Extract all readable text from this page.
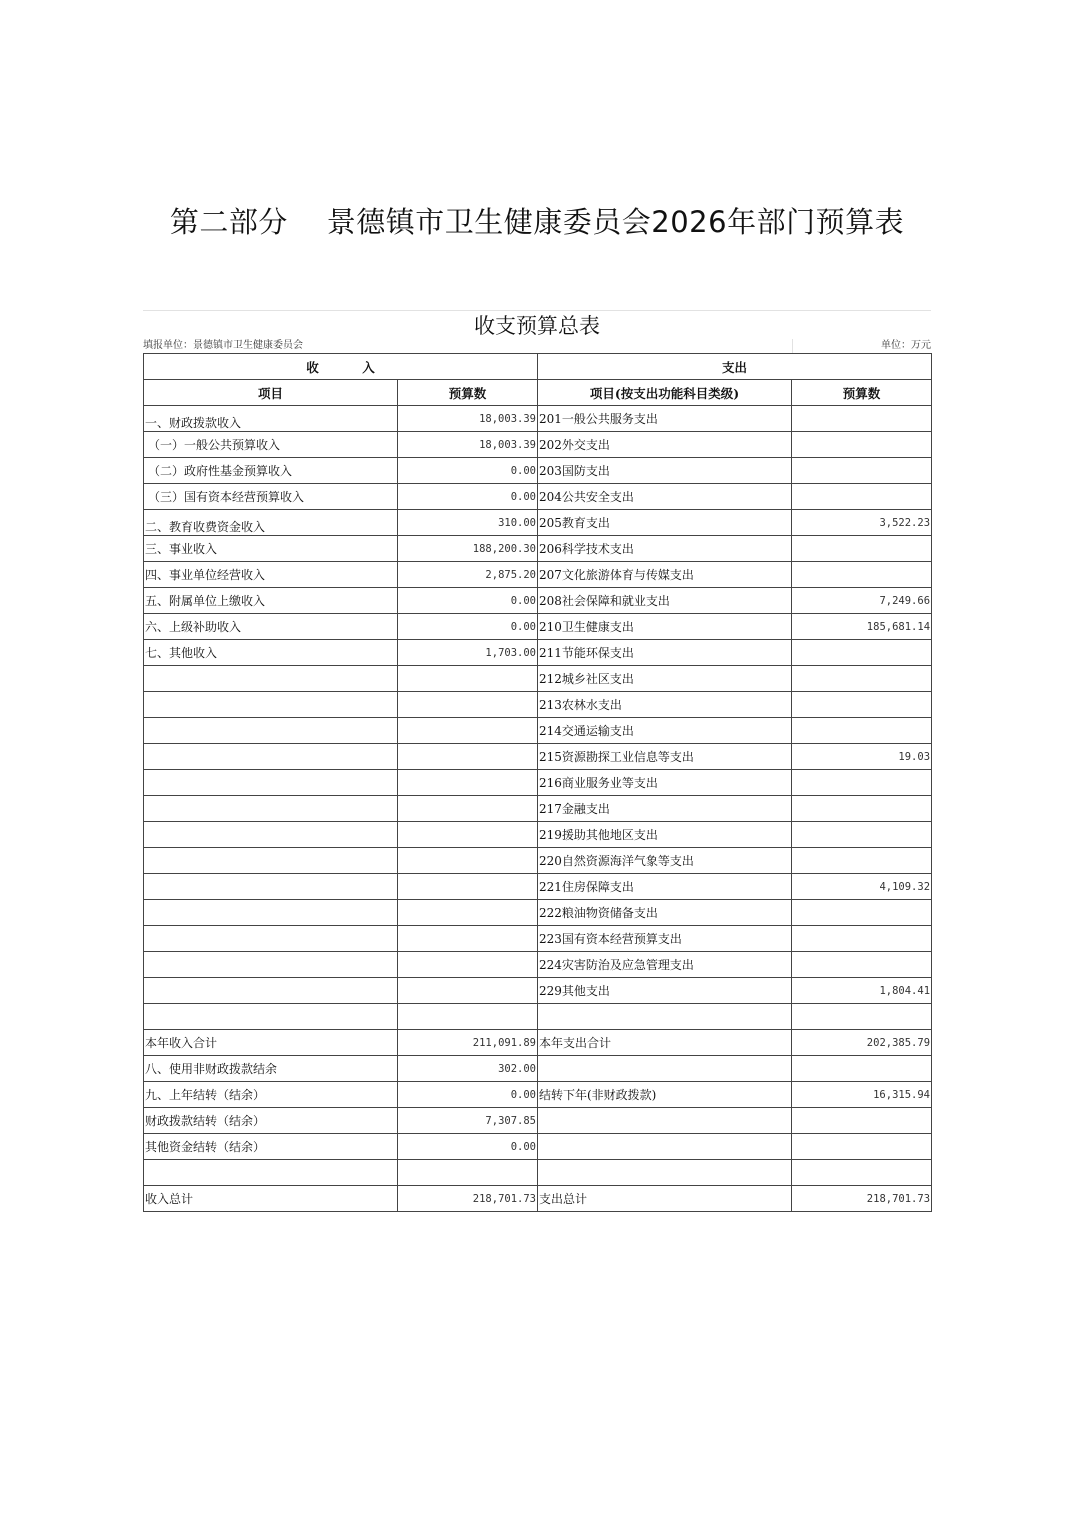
第二部分    景德镇市卫生健康委员会2026年部门预算表
收支预算总表
填报单位：景德镇市卫生健康委员会	单位：万元
收          入		支出	
项目	预算数	项目(按支出功能科目类级)	预算数
一、财政拨款收入	18,003.39	201一般公共服务支出	
（一）一般公共预算收入	18,003.39	202外交支出	
（二）政府性基金预算收入	0.00	203国防支出	
（三）国有资本经营预算收入	0.00	204公共安全支出	
二、教育收费资金收入	310.00	205教育支出	3,522.23
三、事业收入	188,200.30	206科学技术支出	
四、事业单位经营收入	2,875.20	207文化旅游体育与传媒支出	
五、附属单位上缴收入	0.00	208社会保障和就业支出	7,249.66
六、上级补助收入	0.00	210卫生健康支出	185,681.14
七、其他收入	1,703.00	211节能环保支出	
		212城乡社区支出	
		213农林水支出	
		214交通运输支出	
		215资源勘探工业信息等支出	19.03
		216商业服务业等支出	
		217金融支出	
		219援助其他地区支出	
		220自然资源海洋气象等支出	
		221住房保障支出	4,109.32
		222粮油物资储备支出	
		223国有资本经营预算支出	
		224灾害防治及应急管理支出	
		229其他支出	1,804.41

本年收入合计	211,091.89	本年支出合计	202,385.79
八、使用非财政拨款结余	302.00		
九、上年结转（结余）	0.00	结转下年(非财政拨款)	16,315.94
财政拨款结转（结余）	7,307.85		
其他资金结转（结余）	0.00		

收入总计	218,701.73	支出总计	218,701.73
